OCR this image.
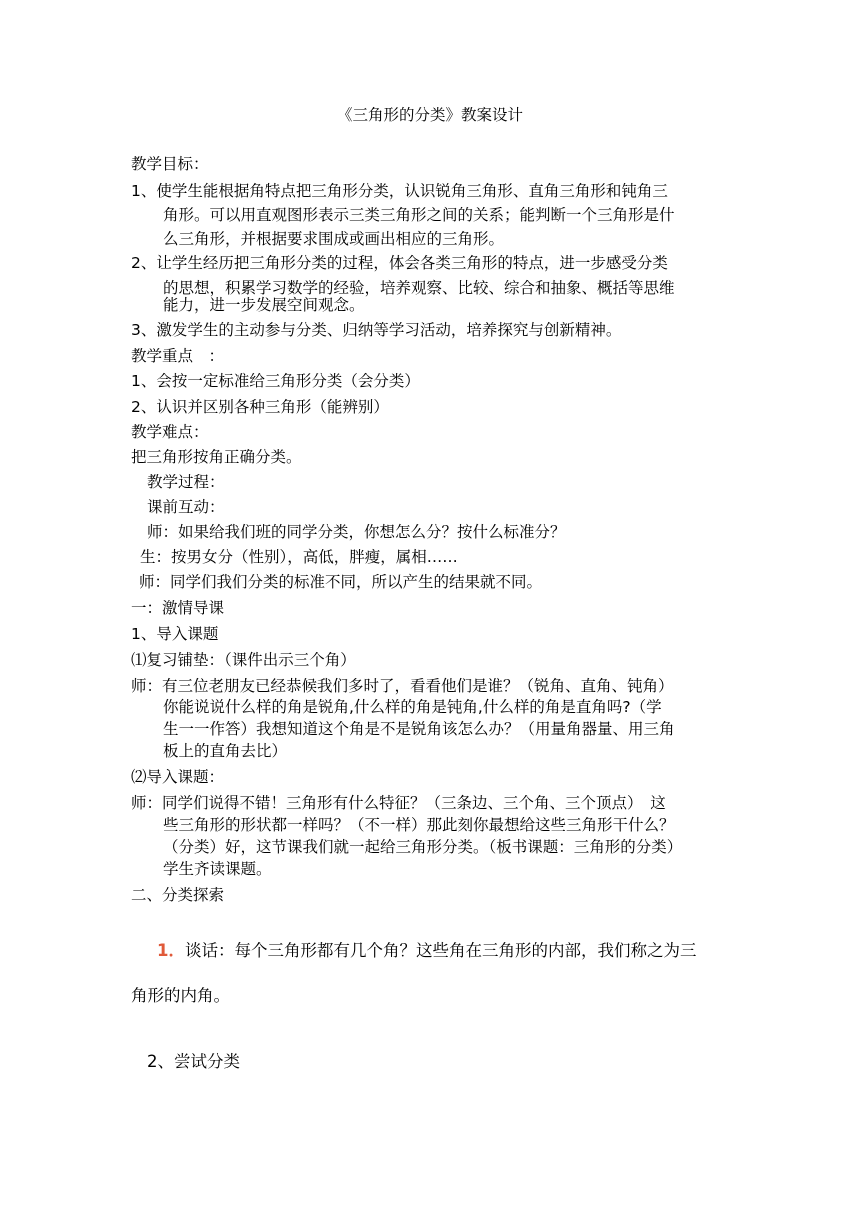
《三角形的分类》教案设计
教学目标：
1、使学生能根据角特点把三角形分类，认识锐角三角形、直角三角形和钝角三
角形。可以用直观图形表示三类三角形之间的关系；能判断一个三角形是什
么三角形，并根据要求围成或画出相应的三角形。
2、让学生经历把三角形分类的过程，体会各类三角形的特点，进一步感受分类
的思想，积累学习数学的经验，培养观察、比较、综合和抽象、概括等思维
能力，进一步发展空间观念。
3、激发学生的主动参与分类、归纳等学习活动，培养探究与创新精神。
教学重点　：
1、会按一定标准给三角形分类（会分类）
2、认识并区别各种三角形（能辨别）
教学难点：
把三角形按角正确分类。
教学过程：
课前互动：
师：如果给我们班的同学分类，你想怎么分？按什么标准分？
生：按男女分（性别），高低，胖瘦，属相……
师：同学们我们分类的标准不同，所以产生的结果就不同。
一：激情导课
1、导入课题
⑴复习铺垫：（课件出示三个角）
师：有三位老朋友已经恭候我们多时了，看看他们是谁？（锐角、直角、钝角）
你能说说什么样的角是锐角,什么样的角是钝角,什么样的角是直角吗?（学
生一一作答）我想知道这个角是不是锐角该怎么办？（用量角器量、用三角
板上的直角去比）
⑵导入课题：
师：同学们说得不错！三角形有什么特征？（三条边、三个角、三个顶点）　这
些三角形的形状都一样吗？（不一样）那此刻你最想给这些三角形干什么？
（分类）好，这节课我们就一起给三角形分类。（板书课题：三角形的分类）
学生齐读课题。
二、分类探索
1．谈话：每个三角形都有几个角？这些角在三角形的内部，我们称之为三
角形的内角。
2、尝试分类
